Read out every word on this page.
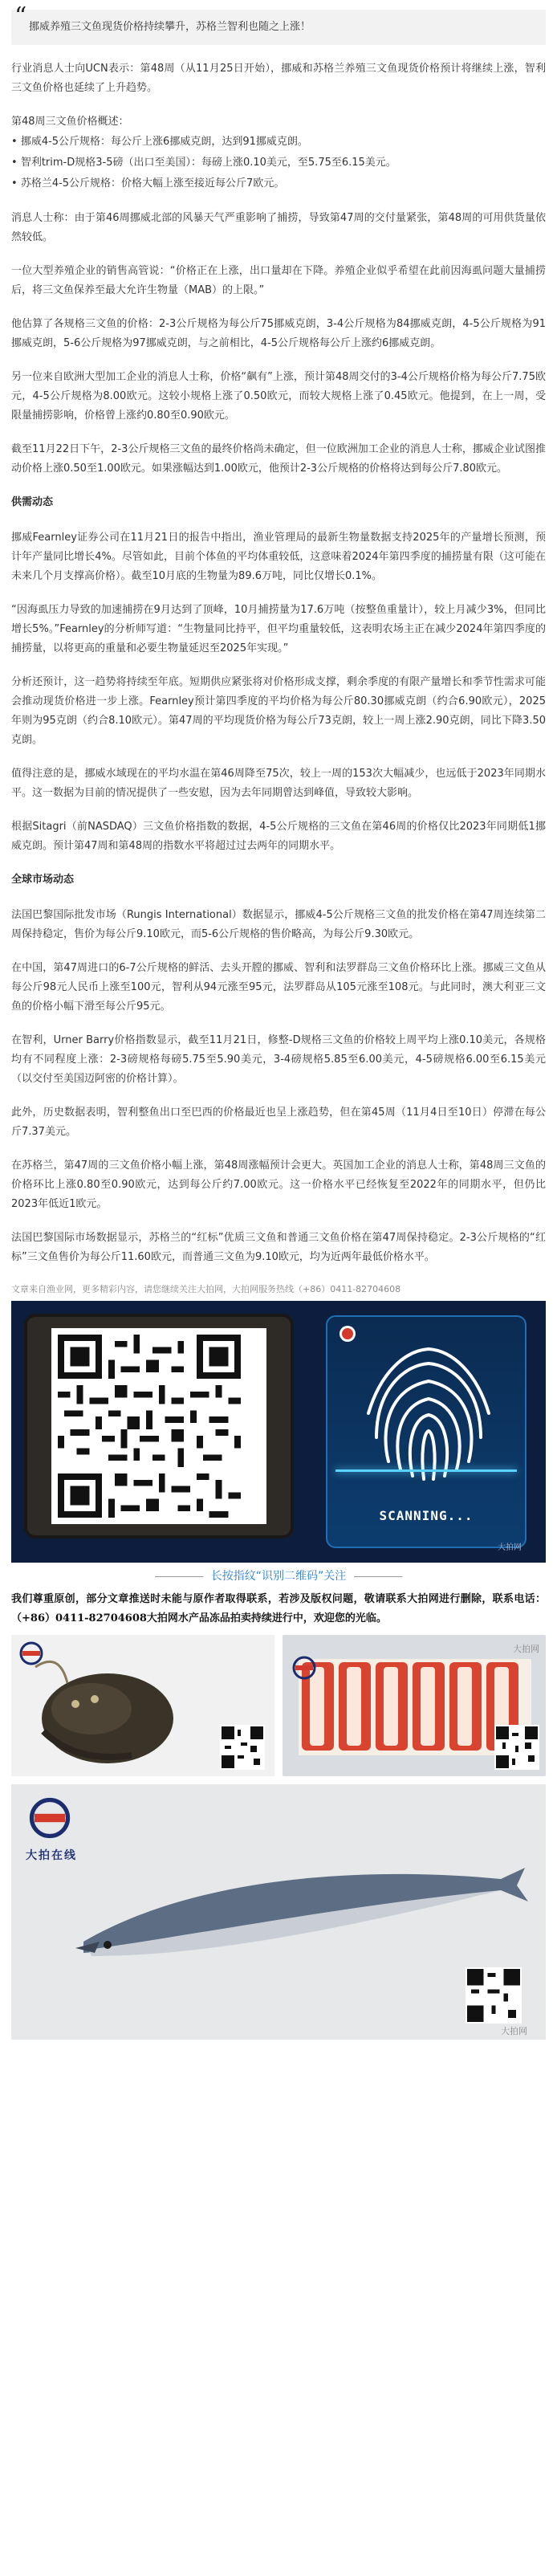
“ 挪威养殖三文鱼现货价格持续攀升，苏格兰智利也随之上涨！

行业消息人士向UCN表示：第48周（从11月25日开始），挪威和苏格兰养殖三文鱼现货价格预计将继续上涨，智利三文鱼价格也延续了上升趋势。

第48周三文鱼价格概述：

• 挪威4-5公斤规格：每公斤上涨6挪威克朗，达到91挪威克朗。
• 智利trim-D规格3-5磅（出口至美国）：每磅上涨0.10美元，至5.75至6.15美元。
• 苏格兰4-5公斤规格：价格大幅上涨至接近每公斤7欧元。

消息人士称：由于第46周挪威北部的风暴天气严重影响了捕捞，导致第47周的交付量紧张，第48周的可用供货量依然较低。

一位大型养殖企业的销售高管说：“价格正在上涨，出口量却在下降。养殖企业似乎希望在此前因海虱问题大量捕捞后，将三文鱼保养至最大允许生物量（MAB）的上限。”

他估算了各规格三文鱼的价格：2-3公斤规格为每公斤75挪威克朗，3-4公斤规格为84挪威克朗，4-5公斤规格为91挪威克朗，5-6公斤规格为97挪威克朗，与之前相比，4-5公斤规格每公斤上涨约6挪威克朗。

另一位来自欧洲大型加工企业的消息人士称，价格“飙有”上涨，预计第48周交付的3-4公斤规格价格为每公斤7.75欧元，4-5公斤规格为8.00欧元。这较小规格上涨了0.50欧元，而较大规格上涨了0.45欧元。他提到，在上一周，受限量捕捞影响，价格曾上涨约0.80至0.90欧元。

截至11月22日下午，2-3公斤规格三文鱼的最终价格尚未确定，但一位欧洲加工企业的消息人士称，挪威企业试图推动价格上涨0.50至1.00欧元。如果涨幅达到1.00欧元，他预计2-3公斤规格的价格将达到每公斤7.80欧元。

供需动态

挪威Fearnley证券公司在11月21日的报告中指出，渔业管理局的最新生物量数据支持2025年的产量增长预测，预计年产量同比增长4%。尽管如此，目前个体鱼的平均体重较低，这意味着2024年第四季度的捕捞量有限（这可能在未来几个月支撑高价格）。截至10月底的生物量为89.6万吨，同比仅增长0.1%。

“因海虱压力导致的加速捕捞在9月达到了顶峰，10月捕捞量为17.6万吨（按整鱼重量计），较上月减少3%，但同比增长5%。”Fearnley的分析师写道：“生物量同比持平，但平均重量较低，这表明农场主正在减少2024年第四季度的捕捞量，以将更高的重量和必要生物量延迟至2025年实现。”

分析还预计，这一趋势将持续至年底。短期供应紧张将对价格形成支撑，剩余季度的有限产量增长和季节性需求可能会推动现货价格进一步上涨。Fearnley预计第四季度的平均价格为每公斤80.30挪威克朗（约合6.90欧元），2025年则为95克朗（约合8.10欧元）。第47周的平均现货价格为每公斤73克朗，较上一周上涨2.90克朗，同比下降3.50克朗。

值得注意的是，挪威水域现在的平均水温在第46周降至75次，较上一周的153次大幅减少，也远低于2023年同期水平。这一数据为目前的情况提供了一些安慰，因为去年同期曾达到峰值，导致较大影响。

根据Sitagri（前NASDAQ）三文鱼价格指数的数据，4-5公斤规格的三文鱼在第46周的价格仅比2023年同期低1挪威克朗。预计第47周和第48周的指数水平将超过过去两年的同期水平。

全球市场动态

法国巴黎国际批发市场（Rungis International）数据显示，挪威4-5公斤规格三文鱼的批发价格在第47周连续第二周保持稳定，售价为每公斤9.10欧元，而5-6公斤规格的售价略高，为每公斤9.30欧元。

在中国，第47周进口的6-7公斤规格的鲜活、去头开膛的挪威、智利和法罗群岛三文鱼价格环比上涨。挪威三文鱼从每公斤98元人民币上涨至100元，智利从94元涨至95元，法罗群岛从105元涨至108元。与此同时，澳大利亚三文鱼的价格小幅下滑至每公斤95元。

在智利，Urner Barry价格指数显示，截至11月21日，修整-D规格三文鱼的价格较上周平均上涨0.10美元，各规格均有不同程度上涨：2-3磅规格每磅5.75至5.90美元，3-4磅规格5.85至6.00美元，4-5磅规格6.00至6.15美元（以交付至美国迈阿密的价格计算）。

此外，历史数据表明，智利整鱼出口至巴西的价格最近也呈上涨趋势，但在第45周（11月4日至10日）停滞在每公斤7.37美元。

在苏格兰，第47周的三文鱼价格小幅上涨，第48周涨幅预计会更大。英国加工企业的消息人士称，第48周三文鱼的价格环比上涨0.80至0.90欧元，达到每公斤约7.00欧元。这一价格水平已经恢复至2022年的同期水平，但仍比2023年低近1欧元。

法国巴黎国际市场数据显示，苏格兰的“红标”优质三文鱼和普通三文鱼价格在第47周保持稳定。2-3公斤规格的“红标”三文鱼售价为每公斤11.60欧元，而普通三文鱼为9.10欧元，均为近两年最低价格水平。

文章来自渔业网，更多精彩内容，请您继续关注大拍网，大拍网服务热线（+86）0411-82704608
SCANNING...
大拍网
长按指纹“识别二维码”关注
我们尊重原创，部分文章推送时未能与原作者取得联系，若涉及版权问题，敬请联系大拍网进行删除，联系电话：（+86）0411-82704608大拍网水产品冻品拍卖持续进行中，欢迎您的光临。
大拍网
大拍在线
大拍网
